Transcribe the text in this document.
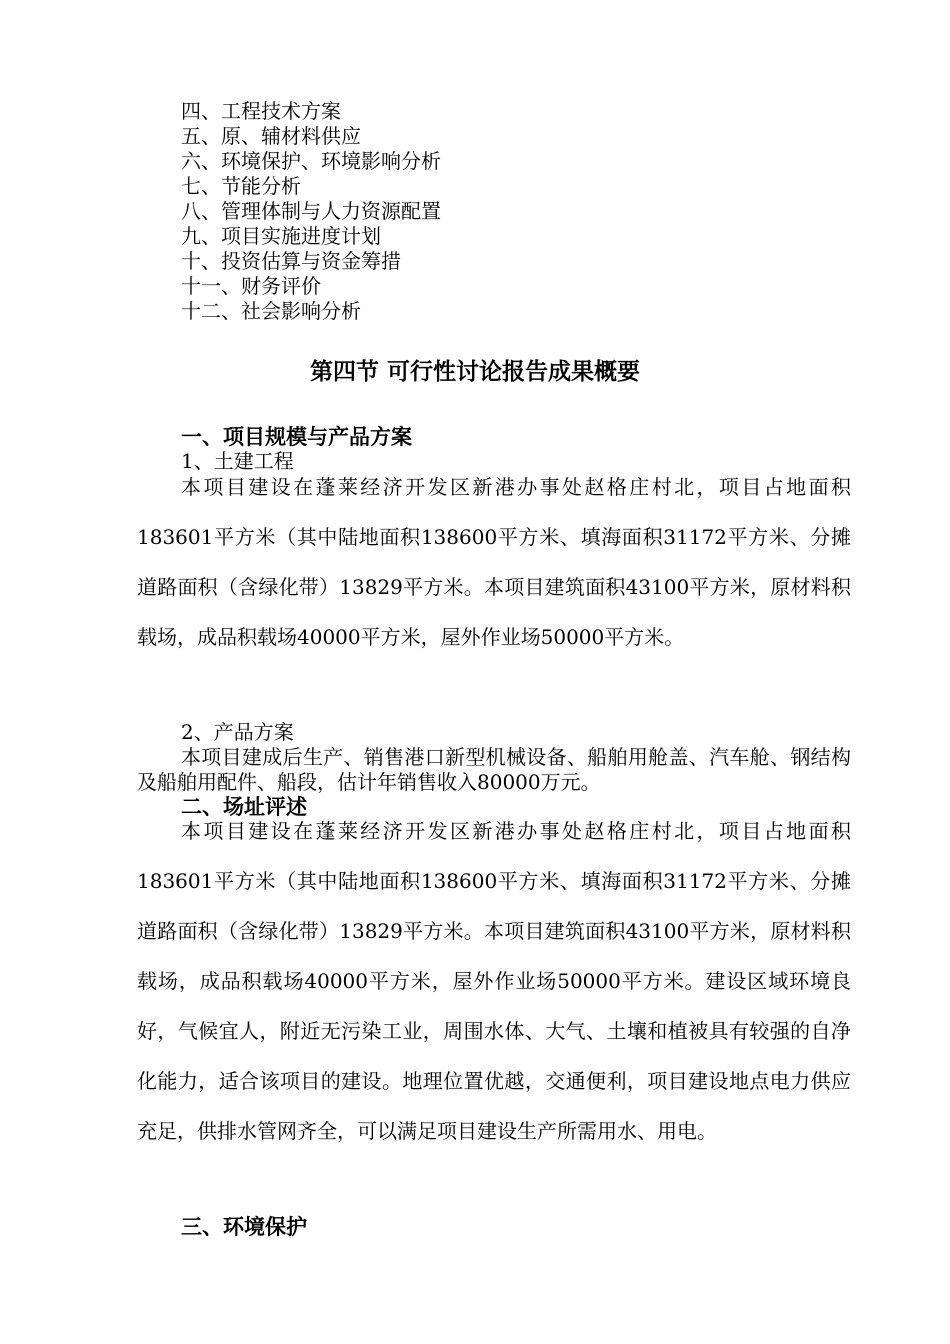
四、工程技术方案
五、原、辅材料供应
六、环境保护、环境影响分析
七、节能分析
八、管理体制与人力资源配置
九、项目实施进度计划
十、投资估算与资金筹措
十一、财务评价
十二、社会影响分析
第四节 可行性讨论报告成果概要
一、项目规模与产品方案
1、土建工程

本项目建设在蓬莱经济开发区新港办事处赵格庄村北，项目占地面积183601平方米（其中陆地面积138600平方米、填海面积31172平方米、分摊道路面积（含绿化带）13829平方米。本项目建筑面积43100平方米，原材料积载场，成品积载场40000平方米，屋外作业场50000平方米。

2、产品方案

本项目建成后生产、销售港口新型机械设备、船舶用舱盖、汽车舱、钢结构及船舶用配件、船段，估计年销售收入80000万元。

二、场址评述

本项目建设在蓬莱经济开发区新港办事处赵格庄村北，项目占地面积183601平方米（其中陆地面积138600平方米、填海面积31172平方米、分摊道路面积（含绿化带）13829平方米。本项目建筑面积43100平方米，原材料积载场，成品积载场40000平方米，屋外作业场50000平方米。建设区域环境良好，气候宜人，附近无污染工业，周围水体、大气、土壤和植被具有较强的自净化能力，适合该项目的建设。地理位置优越，交通便利，项目建设地点电力供应充足，供排水管网齐全，可以满足项目建设生产所需用水、用电。

三、环境保护
